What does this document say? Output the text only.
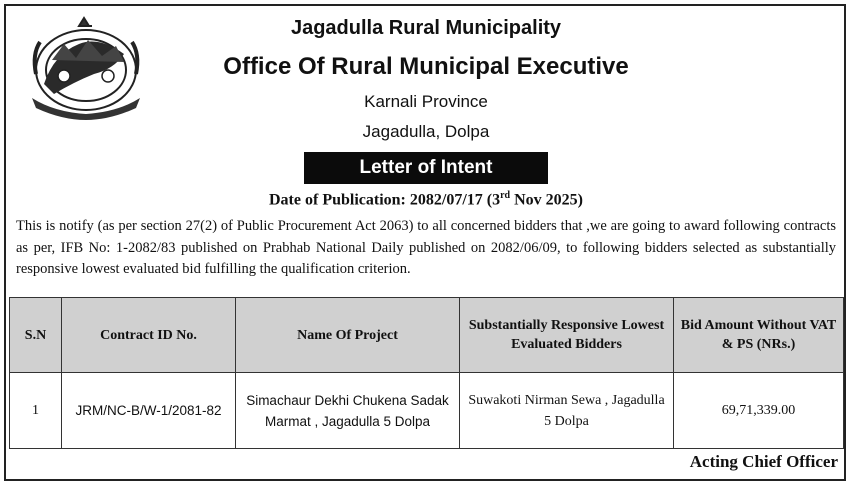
Jagadulla Rural Municipality
Office Of Rural Municipal Executive
Karnali Province
Jagadulla, Dolpa
Letter of Intent
Date of Publication: 2082/07/17 (3rd Nov 2025)
This is notify (as per section 27(2) of Public Procurement Act 2063) to all concerned bidders that ,we are going to award following contracts as per, IFB No: 1-2082/83 published on Prabhab National Daily published on 2082/06/09, to following bidders selected as substantially responsive lowest evaluated bid fulfilling the qualification criterion.
S.N	Contract ID No.	Name Of Project	Substantially Responsive Lowest Evaluated Bidders	Bid Amount Without VAT & PS (NRs.)
1	JRM/NC-B/W-1/2081-82	Simachaur Dekhi Chukena Sadak Marmat , Jagadulla 5 Dolpa	Suwakoti Nirman Sewa , Jagadulla 5 Dolpa	69,71,339.00
Acting Chief Officer
